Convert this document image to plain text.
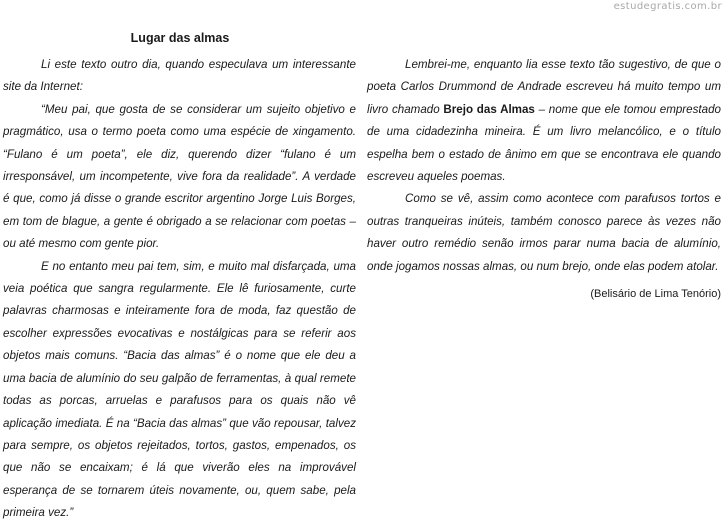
estudegratis.com.br
Lugar das almas

Li este texto outro dia, quando especulava um interessante site da Internet:

“Meu pai, que gosta de se considerar um sujeito objetivo e pragmático, usa o termo poeta como uma espécie de xingamento. “Fulano é um poeta”, ele diz, querendo dizer “fulano é um irresponsável, um incompetente, vive fora da realidade”. A verdade é que, como já disse o grande escritor argentino Jorge Luis Borges, em tom de blague, a gente é obrigado a se relacionar com poetas – ou até mesmo com gente pior.

E no entanto meu pai tem, sim, e muito mal disfarçada, uma veia poética que sangra regularmente. Ele lê furiosamente, curte palavras charmosas e inteiramente fora de moda, faz questão de escolher expressões evocativas e nostálgicas para se referir aos objetos mais comuns. “Bacia das almas” é o nome que ele deu a uma bacia de alumínio do seu galpão de ferramentas, à qual remete todas as porcas, arruelas e parafusos para os quais não vê aplicação imediata. É na “Bacia das almas” que vão repousar, talvez para sempre, os objetos rejeitados, tortos, gastos, empenados, os que não se encaixam; é lá que viverão eles na improvável esperança de se tornarem úteis novamente, ou, quem sabe, pela primeira vez.”

Lembrei-me, enquanto lia esse texto tão sugestivo, de que o poeta Carlos Drummond de Andrade escreveu há muito tempo um livro chamado Brejo das Almas – nome que ele tomou emprestado de uma cidadezinha mineira. É um livro melancólico, e o título espelha bem o estado de ânimo em que se encontrava ele quando escreveu aqueles poemas.

Como se vê, assim como acontece com parafusos tortos e outras tranqueiras inúteis, também conosco parece às vezes não haver outro remédio senão irmos parar numa bacia de alumínio, onde jogamos nossas almas, ou num brejo, onde elas podem atolar.

(Belisário de Lima Tenório)
